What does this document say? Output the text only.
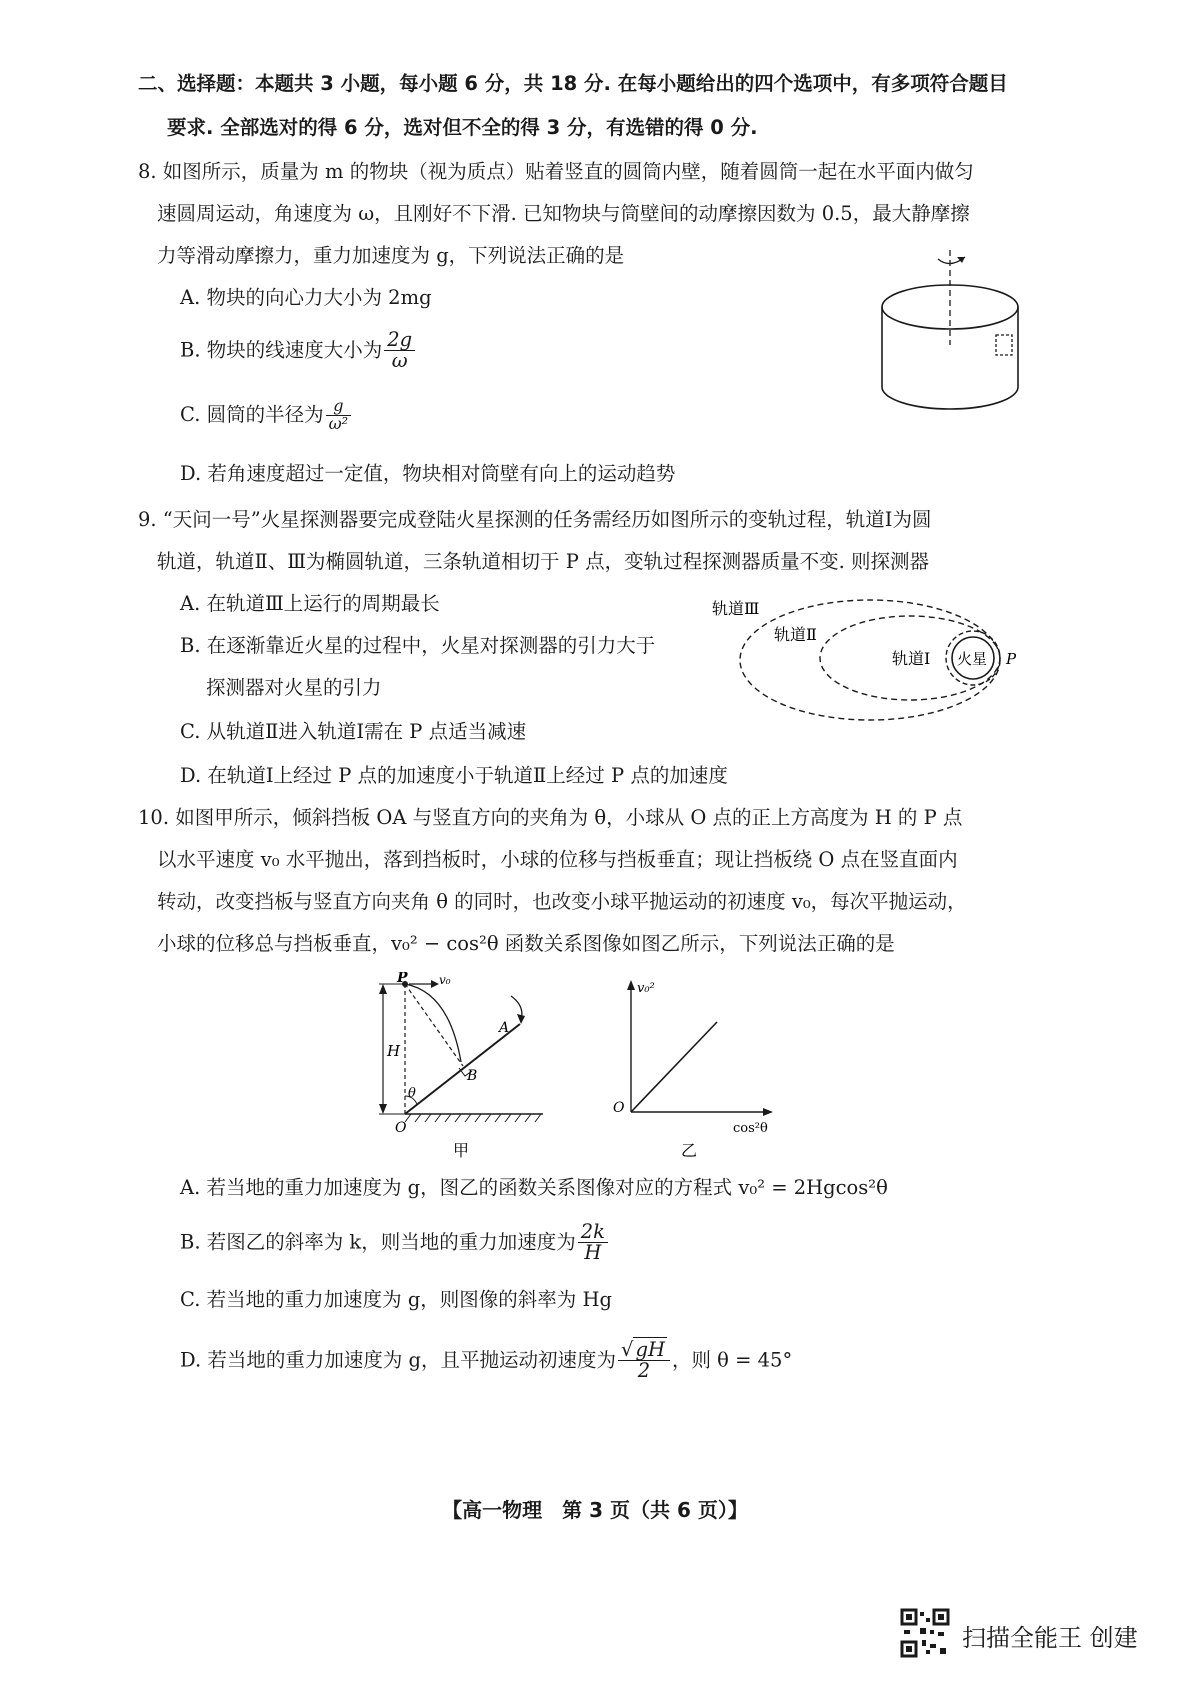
二、选择题：本题共 3 小题，每小题 6 分，共 18 分. 在每小题给出的四个选项中，有多项符合题目
要求. 全部选对的得 6 分，选对但不全的得 3 分，有选错的得 0 分.
8. 如图所示，质量为 m 的物块（视为质点）贴着竖直的圆筒内壁，随着圆筒一起在水平面内做匀
速圆周运动，角速度为 ω，且刚好不下滑. 已知物块与筒壁间的动摩擦因数为 0.5，最大静摩擦
力等滑动摩擦力，重力加速度为 g，下列说法正确的是
A. 物块的向心力大小为 2mg
B. 物块的线速度大小为 $\frac{2g}{\omega}$
C. 圆筒的半径为 $\frac{g}{\text{ω²}}$
D. 若角速度超过一定值，物块相对筒壁有向上的运动趋势
9. “天问一号”火星探测器要完成登陆火星探测的任务需经历如图所示的变轨过程，轨道Ⅰ为圆
轨道，轨道Ⅱ、Ⅲ为椭圆轨道，三条轨道相切于 P 点，变轨过程探测器质量不变. 则探测器
A. 在轨道Ⅲ上运行的周期最长
B. 在逐渐靠近火星的过程中，火星对探测器的引力大于
探测器对火星的引力
C. 从轨道Ⅱ进入轨道Ⅰ需在 P 点适当减速
D. 在轨道Ⅰ上经过 P 点的加速度小于轨道Ⅱ上经过 P 点的加速度
轨道Ⅲ
轨道Ⅱ
轨道Ⅰ 火星 P
10. 如图甲所示，倾斜挡板 OA 与竖直方向的夹角为 θ，小球从 O 点的正上方高度为 H 的 P 点
以水平速度 v₀ 水平抛出，落到挡板时，小球的位移与挡板垂直；现让挡板绕 O 点在竖直面内
转动，改变挡板与竖直方向夹角 θ 的同时，也改变小球平抛运动的初速度 v₀，每次平抛运动，
小球的位移总与挡板垂直，v₀² − cos²θ 函数关系图像如图乙所示，下列说法正确的是
P	v₀
A
B
H
θ
O
甲
v₀²
cos²θ
O
乙
A. 若当地的重力加速度为 g，图乙的函数关系图像对应的方程式 v₀² = 2Hgcos²θ
B. 若图乙的斜率为 k，则当地的重力加速度为 $\frac{2k}{H}$
C. 若当地的重力加速度为 g，则图像的斜率为 Hg
D. 若当地的重力加速度为 g，且平抛运动初速度为 $\frac{√ gH}{2}$ ，则 θ = 45°
【高一物理　第 3 页（共 6 页）】
扫描全能王 创建
